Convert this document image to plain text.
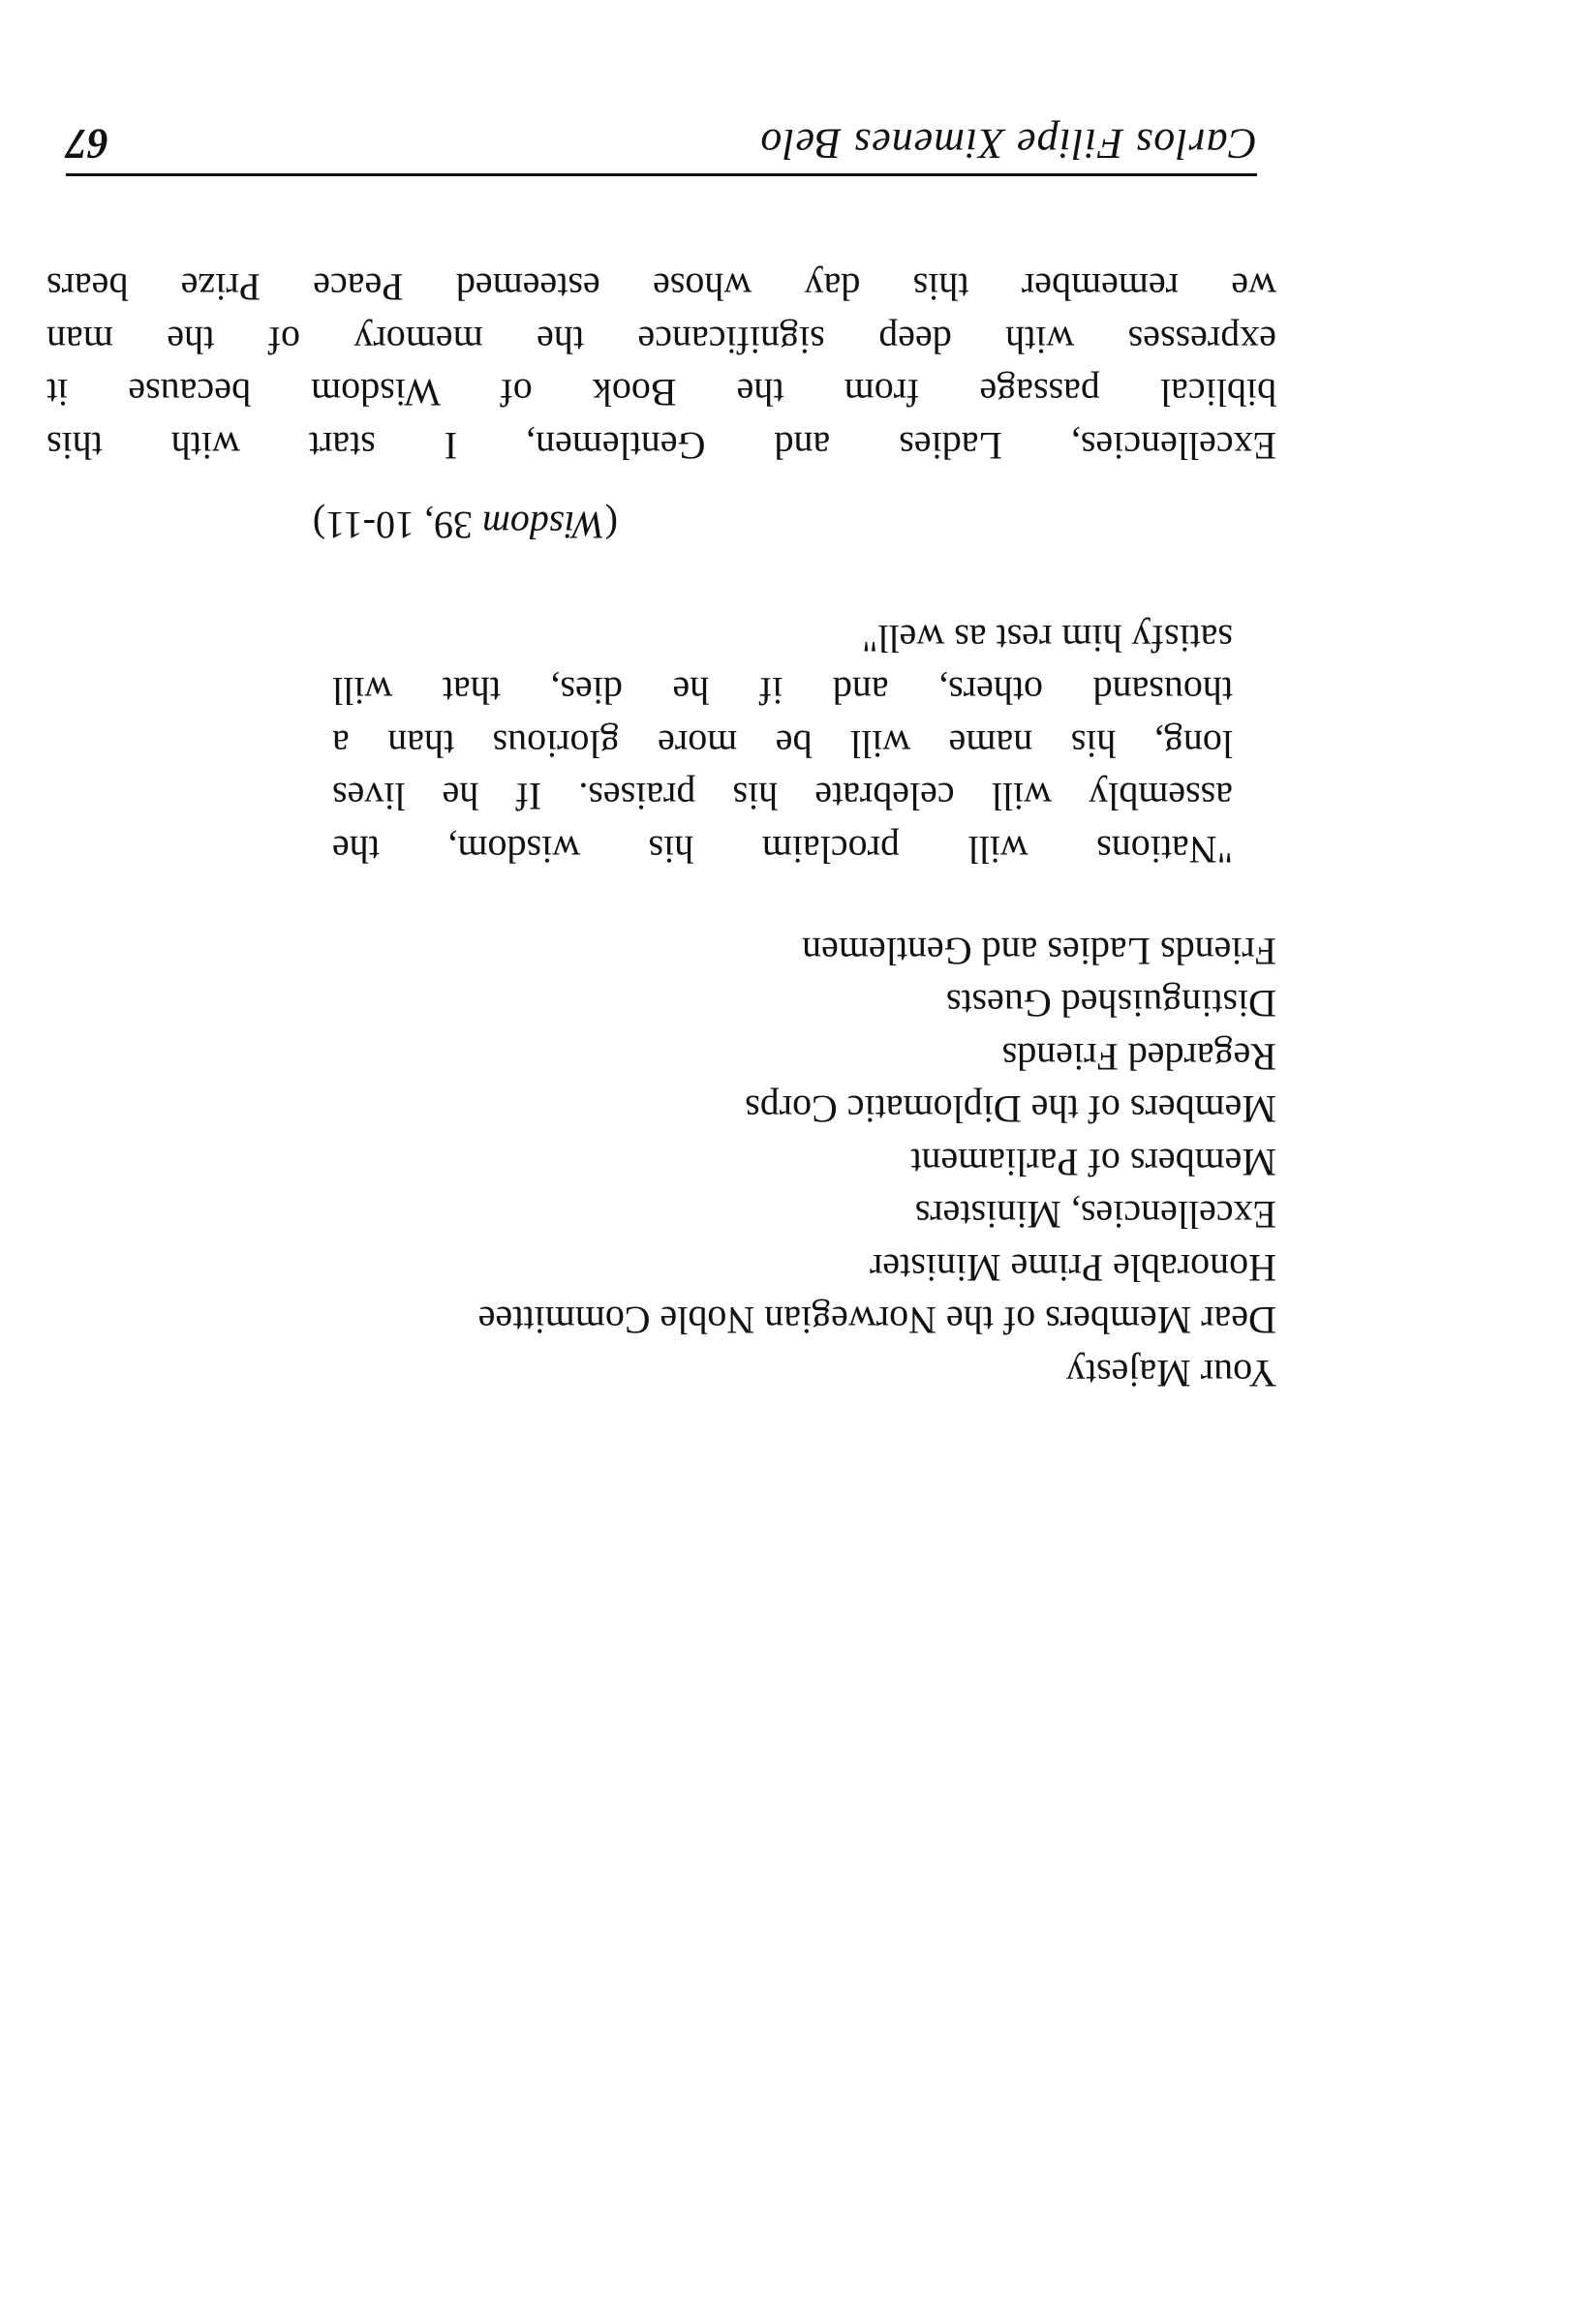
Carlos Filipe Ximenes Belo
67
Your Majesty
Dear Members of the Norwegian Noble Committee
Honorable Prime Minister
Excellencies, Ministers
Members of Parliament
Members of the Diplomatic Corps
Regarded Friends
Distinguished Guests
Friends Ladies and Gentlemen
"Nations will proclaim his wisdom, the
assembly will celebrate his praises. If he lives
long, his name will be more glorious than a
thousand others, and if he dies, that will
satisfy him rest as well"
(Wisdom 39, 10-11)
Excellencies, Ladies and Gentlemen, I start with this
biblical passage from the Book of Wisdom because it
expresses with deep significance the memory of the man
we remember this day whose esteemed Peace Prize bears
